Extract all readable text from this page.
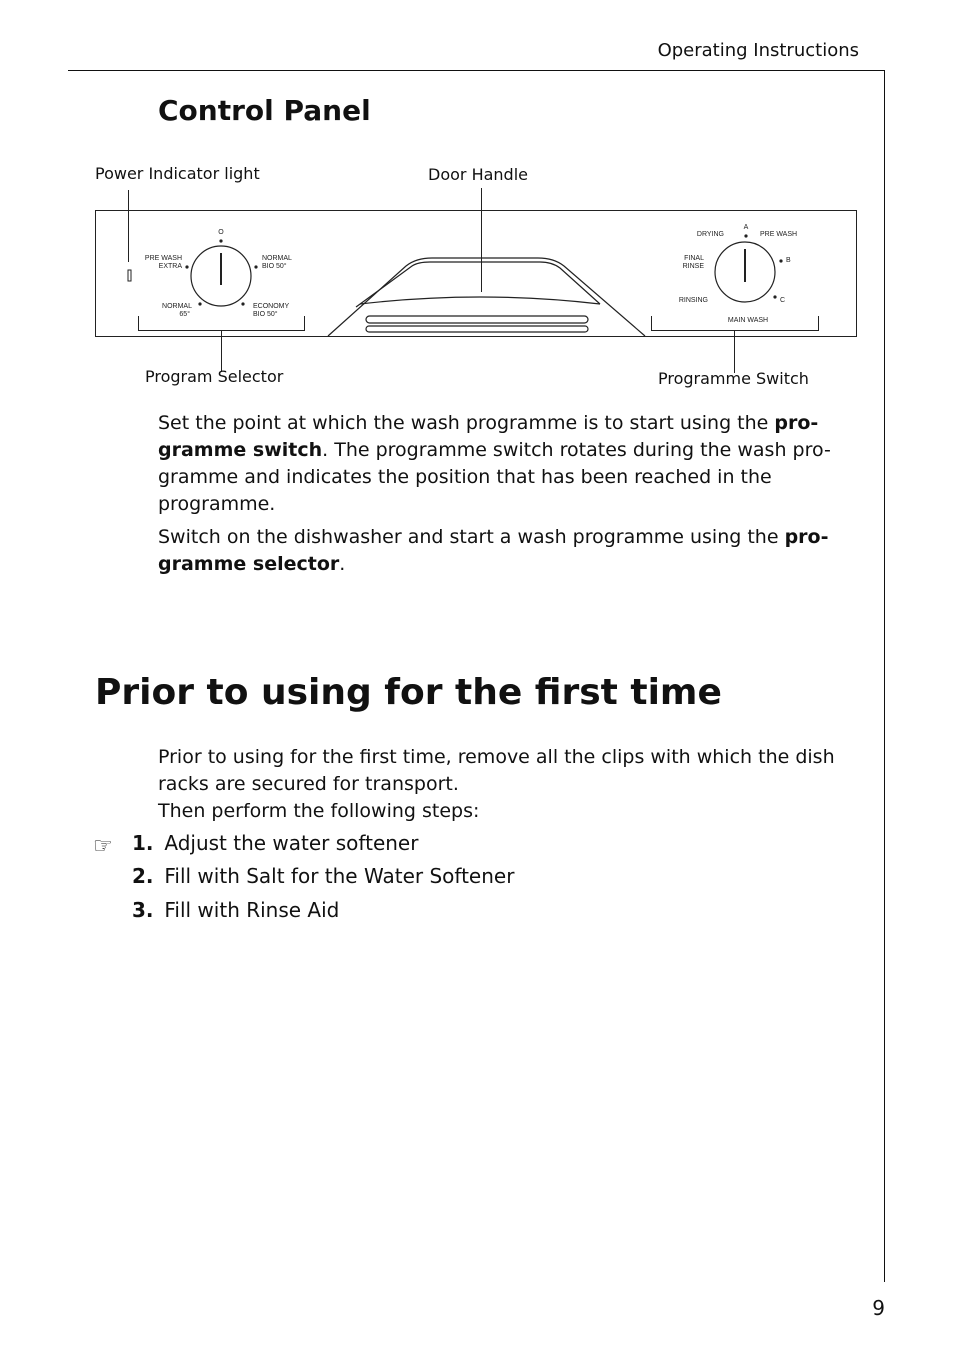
Operating Instructions
9
Control Panel
O
PRE WASH
EXTRA
NORMAL
BIO 50°
NORMAL
65°
ECONOMY
BIO 50°
DRYING
A
PRE WASH
FINAL
RINSE
B
RINSING	C
MAIN WASH
Power Indicator light	Door Handle
Program Selector	Programme Switch

Set the point at which the wash programme is to start using the pro-gramme switch. The programme switch rotates during the wash pro-gramme and indicates the position that has been reached in the programme.

Switch on the dishwasher and start a wash programme using the pro-gramme selector.

Prior to using for the first time

Prior to using for the first time, remove all the clips with which the dish racks are secured for transport.
Then perform the following steps:

☞ 1. Adjust the water softener
2. Fill with Salt for the Water Softener
3. Fill with Rinse Aid
